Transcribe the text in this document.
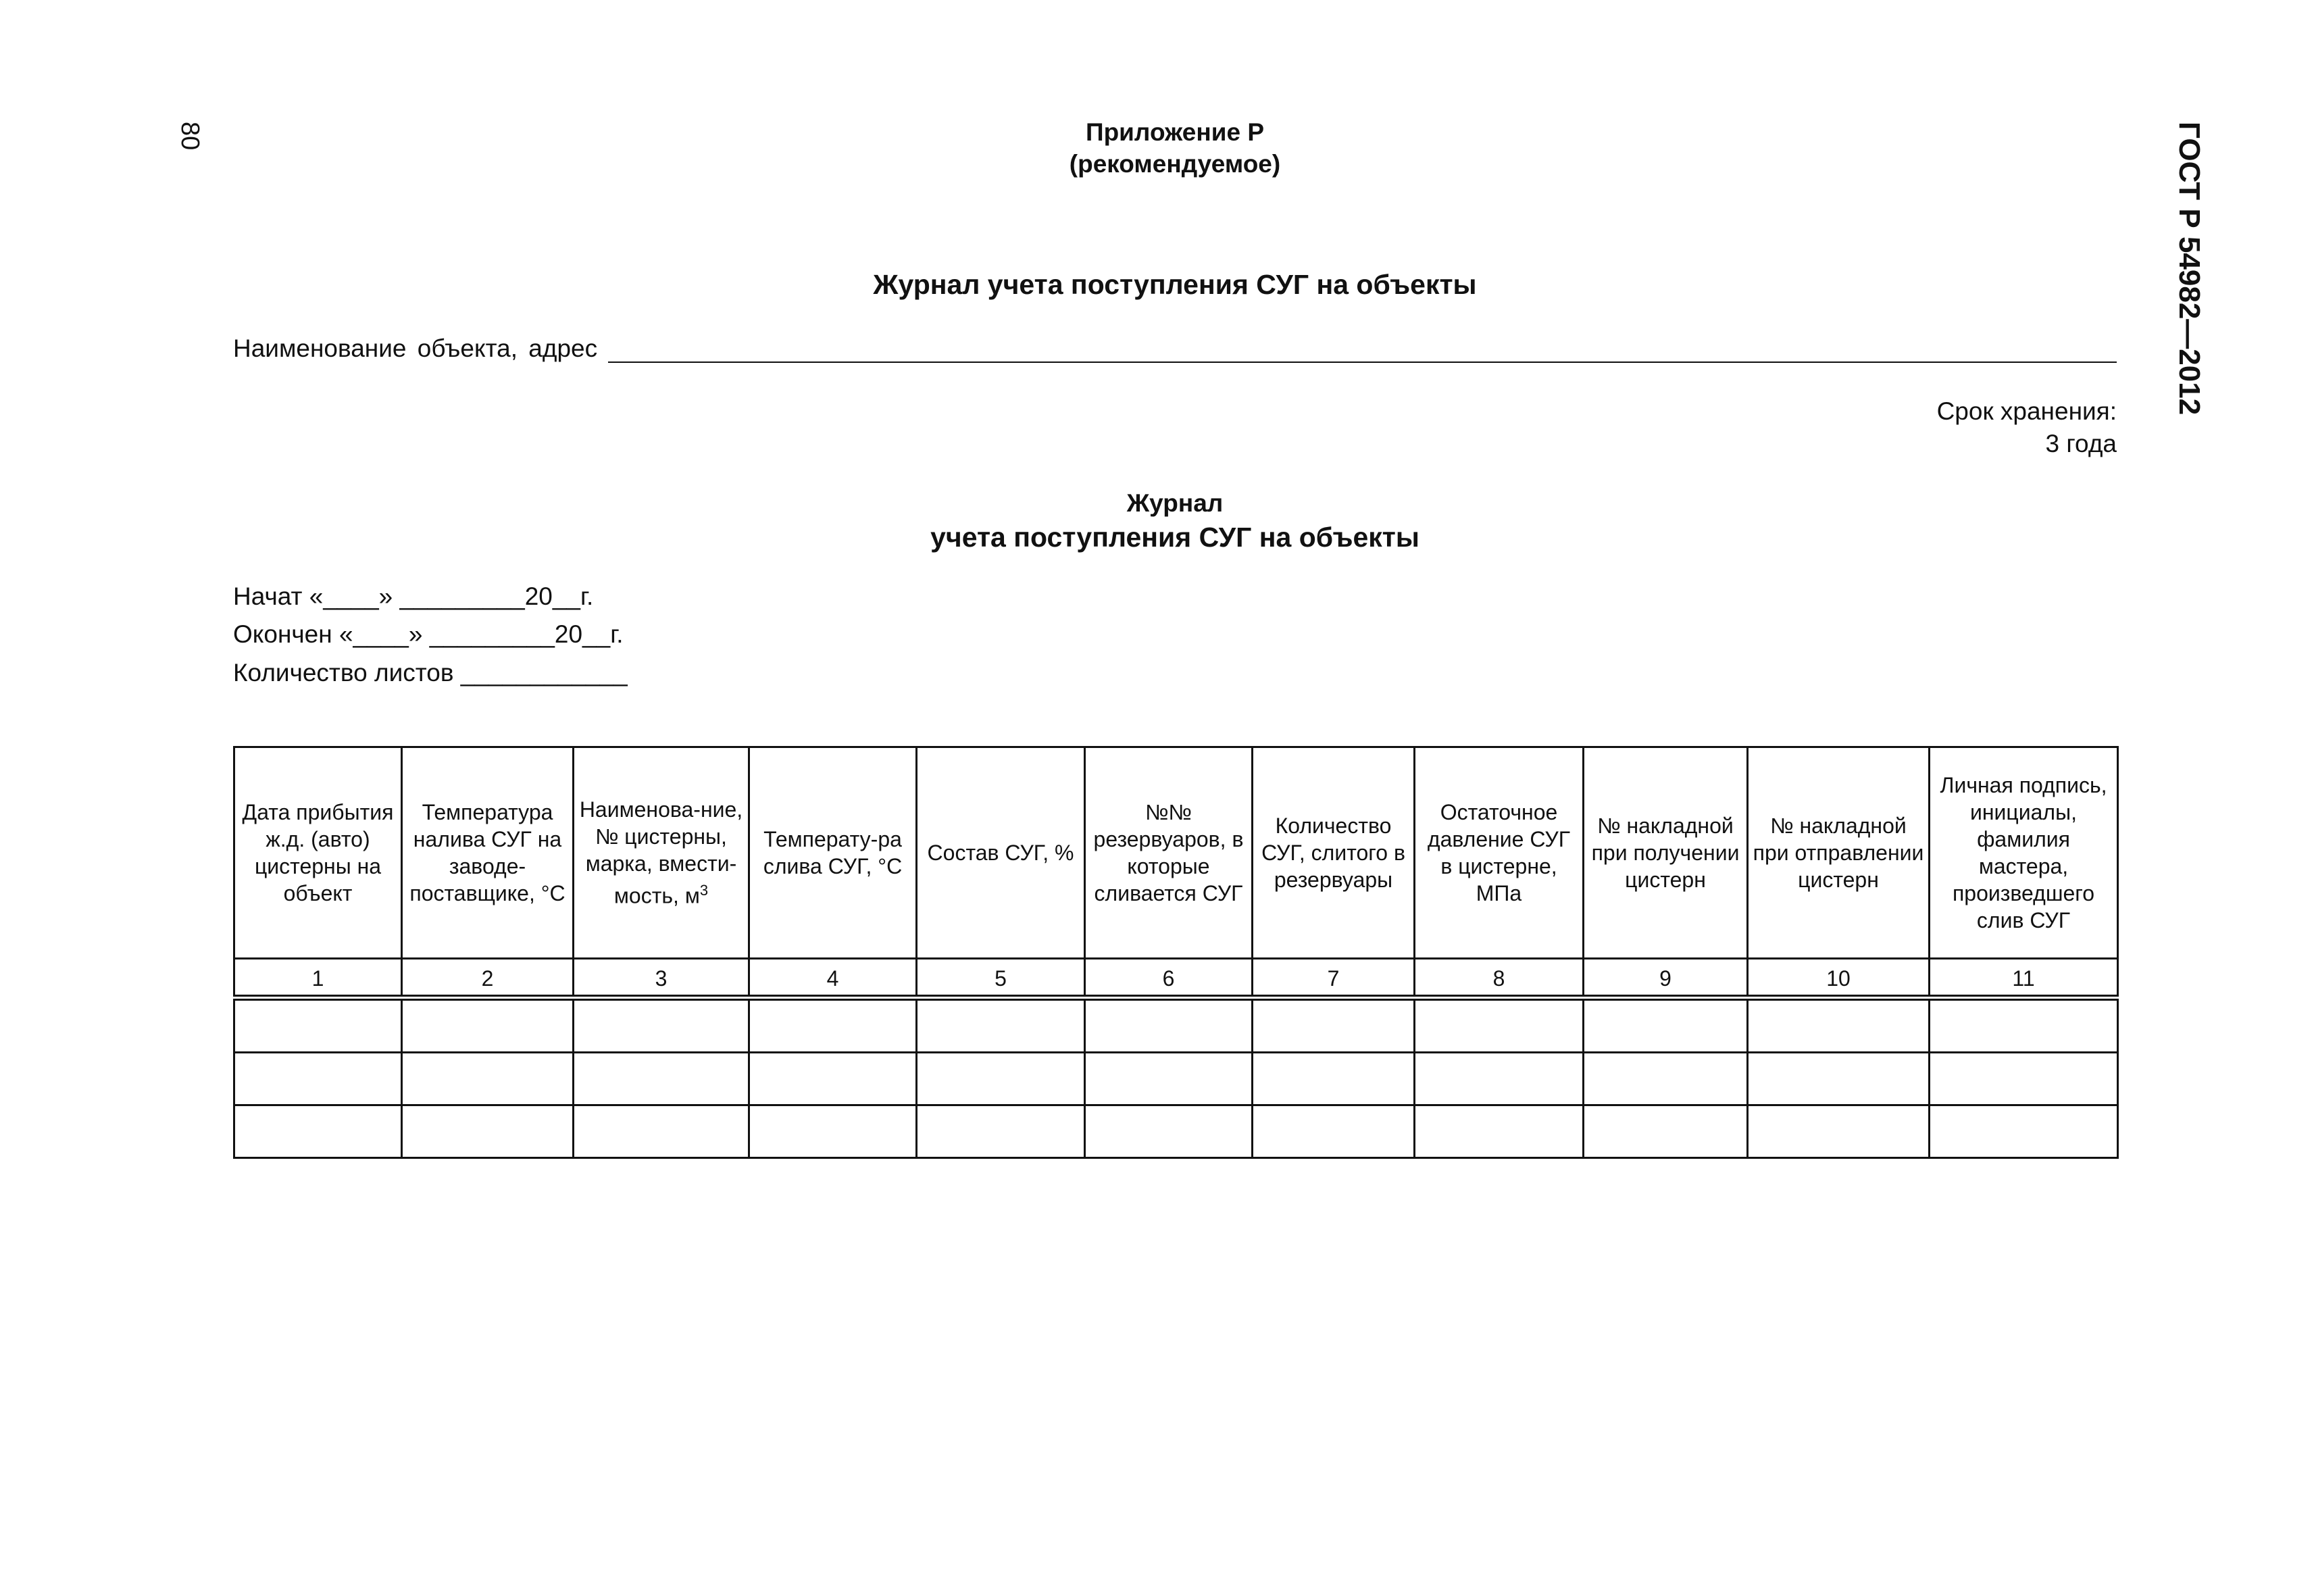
80	ГОСТ Р 54982—2012
Приложение Р
(рекомендуемое)
Журнал учета поступления СУГ на объекты
Наименование объекта, адрес
Срок хранения:
3 года
Журнал
учета поступления СУГ на объекты
Начат «____» _________20__г.
Окончен «____» _________20__г.
Количество листов ____________
Дата прибытия ж.д. (авто) цистерны на объект	Температура налива СУГ на заводе-поставщике, °С	Наименова-ние, № цистерны, марка, вмести-мость, $м^3$	Температу-ра слива СУГ, °С	Состав СУГ, %	№№ резервуаров, в которые сливается СУГ	Количество СУГ, слитого в резервуары	Остаточное давление СУГ в цистерне, МПа	№ накладной при получении цистерн	№ накладной при отправлении цистерн	Личная подпись, инициалы, фамилия мастера, произведшего слив СУГ
1	2	3	4	5	6	7	8	9	10	11
